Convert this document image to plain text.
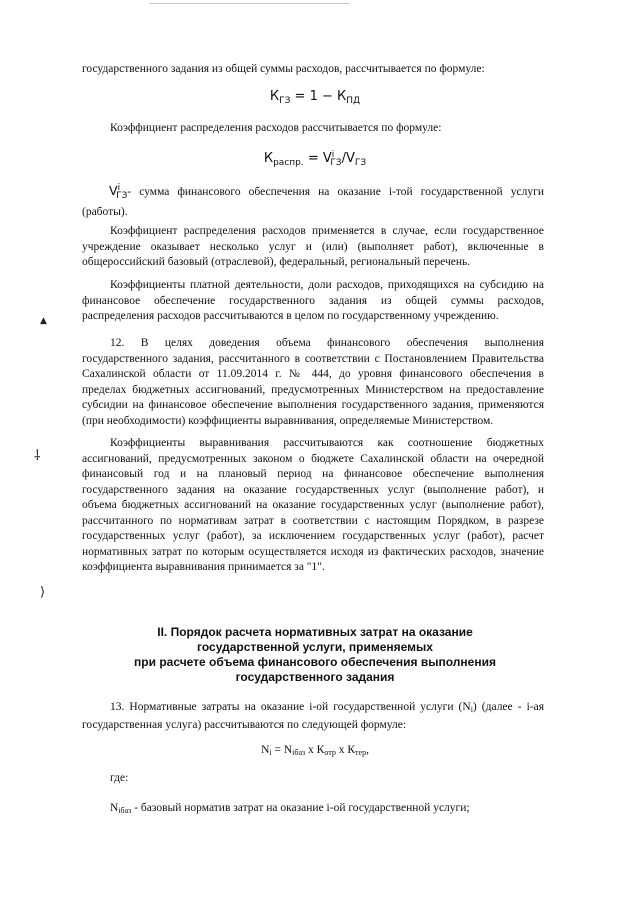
государственного задания из общей суммы расходов, рассчитывается по формуле:
$К_{ГЗ} = 1 - К_{ПД}$
Коэффициент распределения расходов рассчитывается по формуле:
$К_{распр.} = V^i_{ГЗ}/V_{ГЗ}$
$V^i_{ГЗ}-$ сумма финансового обеспечения на оказание i-той государственной услуги
(работы).
Коэффициент распределения расходов применяется в случае, если государственное
учреждение оказывает несколько услуг и (или) (выполняет работ), включенные в
общероссийский базовый (отраслевой), федеральный, региональный перечень.
Коэффициенты платной деятельности, доли расходов, приходящихся на субсидию на
финансовое обеспечение государственного задания из общей суммы расходов,
распределения расходов рассчитываются в целом по государственному учреждению.
▲
12. В целях доведения объема финансового обеспечения выполнения
государственного задания, рассчитанного в соответствии с Постановлением Правительства
Сахалинской области от 11.09.2014 г. № 444, до уровня финансового обеспечения в
пределах бюджетных ассигнований, предусмотренных Министерством на предоставление
субсидии на финансовое обеспечение выполнения государственного задания, применяются
(при необходимости) коэффициенты выравнивания, определяемые Министерством.
Коэффициенты выравнивания рассчитываются как соотношение бюджетных
ассигнований, предусмотренных законом о бюджете Сахалинской области на очередной
финансовый год и на плановый период на финансовое обеспечение выполнения
государственного задания на оказание государственных услуг (выполнение работ), и
объема бюджетных ассигнований на оказание государственных услуг (выполнение работ),
рассчитанного по нормативам затрат в соответствии с настоящим Порядком, в разрезе
государственных услуг (работ), за исключением государственных услуг (работ), расчет
нормативных затрат по которым осуществляется исходя из фактических расходов, значение
коэффициента выравнивания принимается за "1".
⸸
⟩
II. Порядок расчета нормативных затрат на оказание
государственной услуги, применяемых
при расчете объема финансового обеспечения выполнения
государственного задания
13. Нормативные затраты на оказание i-ой государственной услуги $(N_i)$ (далее - i-ая
государственная услуга) рассчитываются по следующей формуле:
$N_i = N_{iбаз}$ х $К_{отр}$ х $К_{тер}$,
где:
$N_{iбаз}$ - базовый норматив затрат на оказание i-ой государственной услуги;
